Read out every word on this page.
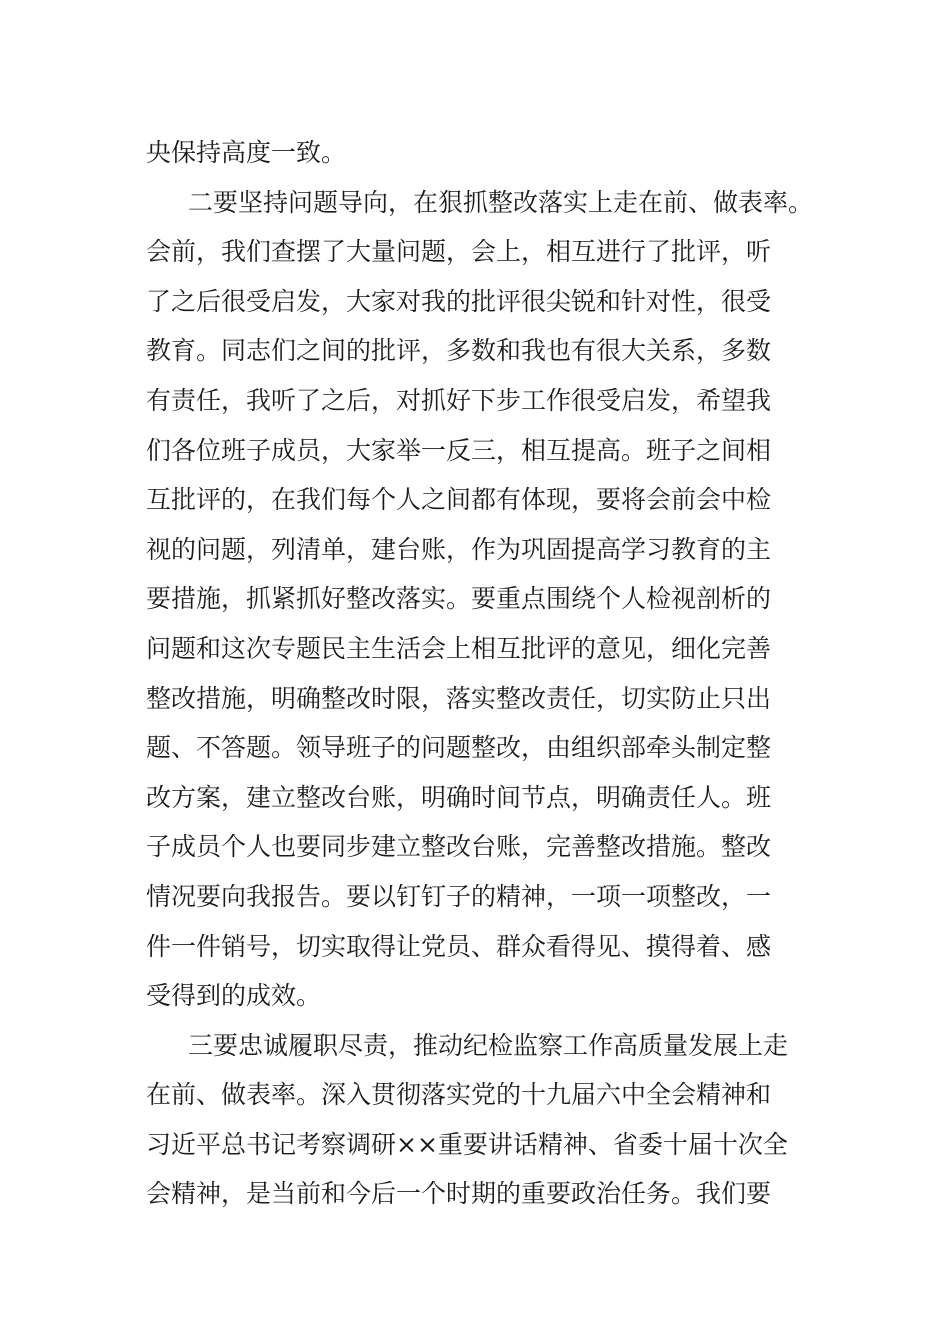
央保持高度一致。
二要坚持问题导向，在狠抓整改落实上走在前、做表率。
会前，我们查摆了大量问题，会上，相互进行了批评，听
了之后很受启发，大家对我的批评很尖锐和针对性，很受
教育。同志们之间的批评，多数和我也有很大关系，多数
有责任，我听了之后，对抓好下步工作很受启发，希望我
们各位班子成员，大家举一反三，相互提高。班子之间相
互批评的，在我们每个人之间都有体现，要将会前会中检
视的问题，列清单，建台账，作为巩固提高学习教育的主
要措施，抓紧抓好整改落实。要重点围绕个人检视剖析的
问题和这次专题民主生活会上相互批评的意见，细化完善
整改措施，明确整改时限，落实整改责任，切实防止只出
题、不答题。领导班子的问题整改，由组织部牵头制定整
改方案，建立整改台账，明确时间节点，明确责任人。班
子成员个人也要同步建立整改台账，完善整改措施。整改
情况要向我报告。要以钉钉子的精神，一项一项整改，一
件一件销号，切实取得让党员、群众看得见、摸得着、感
受得到的成效。
三要忠诚履职尽责，推动纪检监察工作高质量发展上走
在前、做表率。深入贯彻落实党的十九届六中全会精神和
习近平总书记考察调研××重要讲话精神、省委十届十次全
会精神，是当前和今后一个时期的重要政治任务。我们要
